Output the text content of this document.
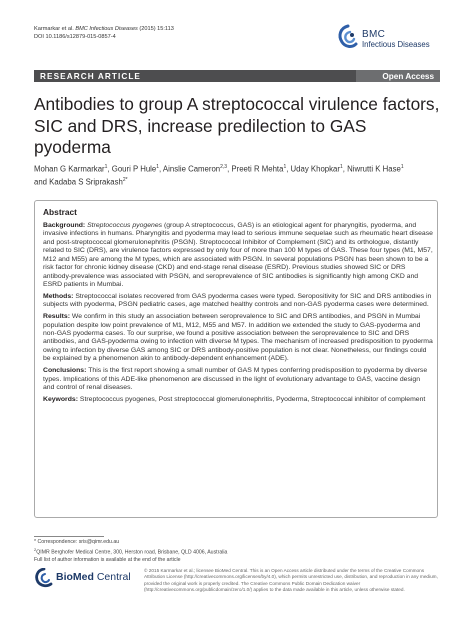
Karmarkar et al. BMC Infectious Diseases (2015) 15:113
DOI 10.1186/s12879-015-0857-4	BMC
Infectious Diseases
RESEARCH ARTICLE	Open Access
Antibodies to group A streptococcal virulence factors, SIC and DRS, increase predilection to GAS pyoderma
Mohan G Karmarkar$^1$, Gouri P Hule$^1$, Ainslie Cameron$^{2,3}$, Preeti R Mehta$^1$, Uday Khopkar$^1$, Niwrutti K Hase$^1$
and Kadaba S Sriprakash$^{2*}$
Abstract

Background: Streptococcus pyogenes (group A streptococcus, GAS) is an etiological agent for pharyngitis, pyoderma, and invasive infections in humans. Pharyngitis and pyoderma may lead to serious immune sequelae such as rheumatic heart disease and post-streptococcal glomerulonephritis (PSGN). Streptococcal Inhibitor of Complement (SIC) and its orthologue, distantly related to SIC (DRS), are virulence factors expressed by only four of more than 100 M types of GAS. These four types (M1, M57, M12 and M55) are among the M types, which are associated with PSGN. In several populations PSGN has been shown to be a risk factor for chronic kidney disease (CKD) and end-stage renal disease (ESRD). Previous studies showed SIC or DRS antibody-prevalence was associated with PSGN, and seroprevalence of SIC antibodies is significantly high among CKD and ESRD patients in Mumbai.

Methods: Streptococcal isolates recovered from GAS pyoderma cases were typed. Seropositivity for SIC and DRS antibodies in subjects with pyoderma, PSGN pediatric cases, age matched healthy controls and non-GAS pyoderma cases were determined.

Results: We confirm in this study an association between seroprevalence to SIC and DRS antibodies, and PSGN in Mumbai population despite low point prevalence of M1, M12, M55 and M57. In addition we extended the study to GAS-pyoderma and non-GAS pyoderma cases. To our surprise, we found a positive association between the seroprevalence to SIC and DRS antibodies, and GAS-pyoderma owing to infection with diverse M types. The mechanism of increased predisposition to pyoderma owing to infection by diverse GAS among SIC or DRS antibody-positive population is not clear. Nonetheless, our findings could be explained by a phenomenon akin to antibody-dependent enhancement (ADE).

Conclusions: This is the first report showing a small number of GAS M types conferring predisposition to pyoderma by diverse types. Implications of this ADE-like phenomenon are discussed in the light of evolutionary advantage to GAS, vaccine design and control of renal diseases.

Keywords: Streptococcus pyogenes, Post streptococcal glomerulonephritis, Pyoderma, Streptococcal inhibitor of complement

* Correspondence: sris@qimr.edu.au
$^2$QIMR Berghofer Medical Centre, 300, Herston road, Brisbane, QLD 4006, Australia
Full list of author information is available at the end of the article
BioMed Central
© 2015 Karmarkar et al.; licensee BioMed Central. This is an Open Access article distributed under the terms of the Creative Commons Attribution License (http://creativecommons.org/licenses/by/4.0), which permits unrestricted use, distribution, and reproduction in any medium, provided the original work is properly credited. The Creative Commons Public Domain Dedication waiver (http://creativecommons.org/publicdomain/zero/1.0/) applies to the data made available in this article, unless otherwise stated.
